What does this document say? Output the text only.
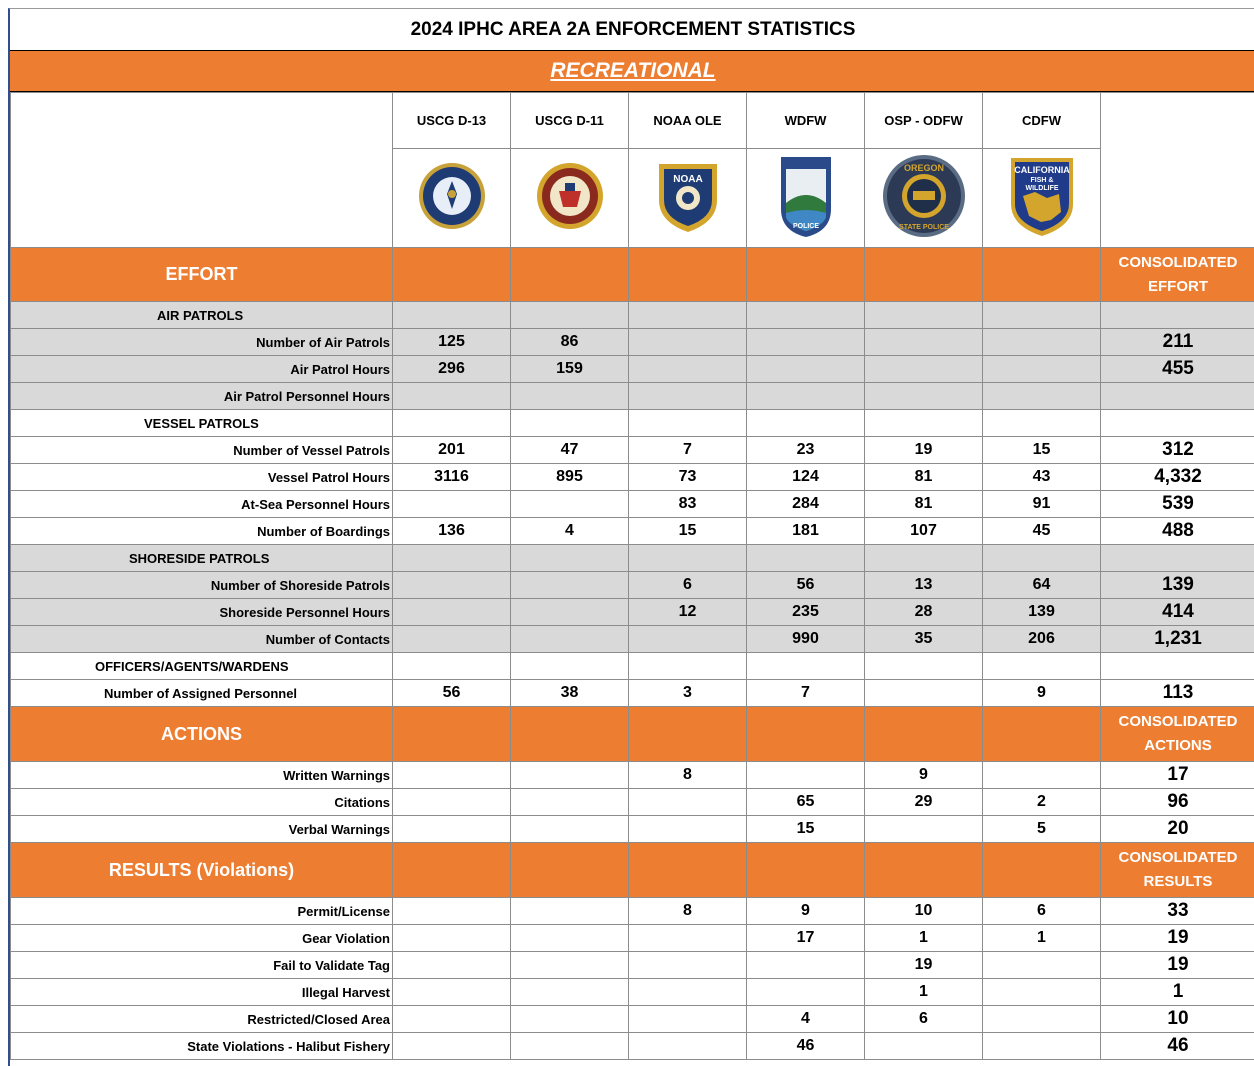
2024 IPHC AREA 2A ENFORCEMENT STATISTICS
RECREATIONAL
	USCG D-13	USCG D-11	NOAA OLE	WDFW	OSP - ODFW	CDFW	

NOAA	POLICE	OREGON
STATE POLICE	CALIFORNIA
FISH &
WILDLIFE	

EFFORT							CONSOLIDATED
EFFORT
AIR PATROLS							
Number of Air Patrols	125	86					211
Air Patrol Hours	296	159					455
Air Patrol Personnel Hours							
VESSEL PATROLS							
Number of Vessel Patrols	201	47	7	23	19	15	312
Vessel Patrol Hours	3116	895	73	124	81	43	4,332
At-Sea Personnel Hours			83	284	81	91	539
Number of Boardings	136	4	15	181	107	45	488
SHORESIDE PATROLS							
Number of Shoreside Patrols			6	56	13	64	139
Shoreside Personnel Hours			12	235	28	139	414
Number of Contacts				990	35	206	1,231
OFFICERS/AGENTS/WARDENS							
Number of Assigned Personnel	56	38	3	7		9	113
ACTIONS							CONSOLIDATED
ACTIONS
Written Warnings			8		9		17
Citations				65	29	2	96
Verbal Warnings				15		5	20
RESULTS (Violations)							CONSOLIDATED
RESULTS
Permit/License			8	9	10	6	33
Gear Violation				17	1	1	19
Fail to Validate Tag					19		19
Illegal Harvest					1		1
Restricted/Closed Area				4	6		10
State Violations - Halibut Fishery				46			46
